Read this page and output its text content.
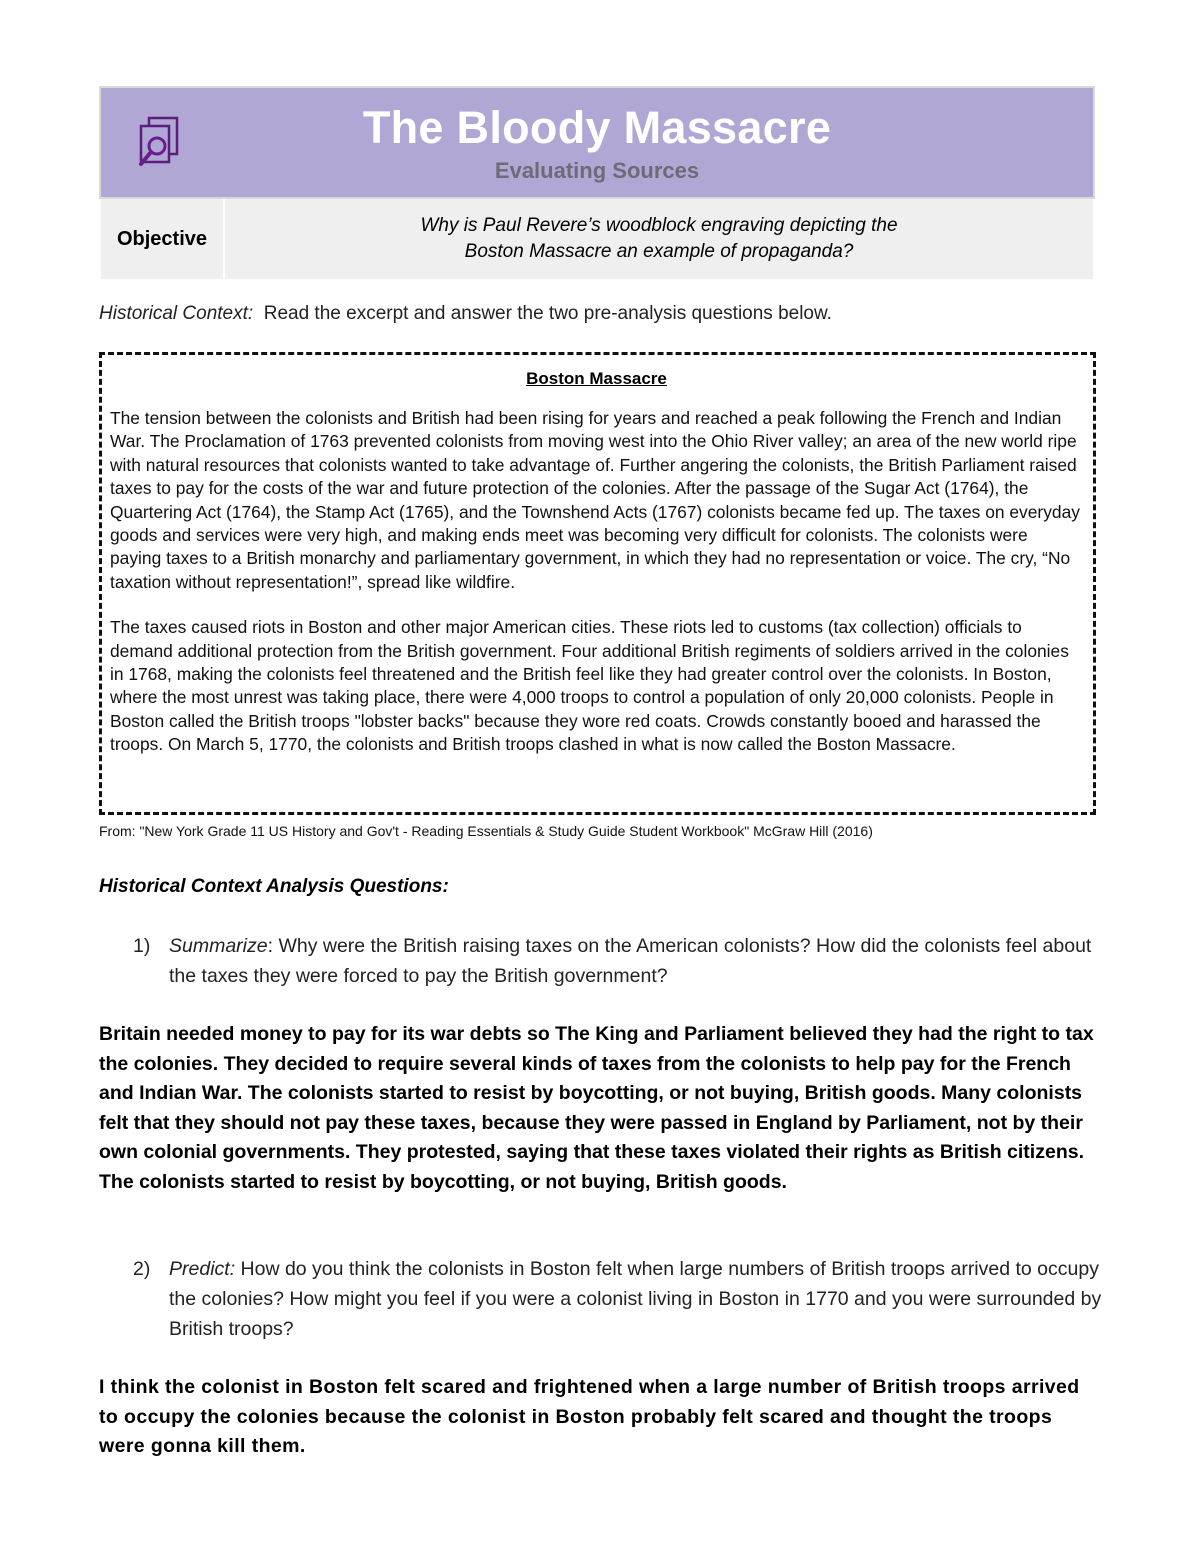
The Bloody Massacre
Evaluating Sources

Objective	Why is Paul Revere’s woodblock engraving depicting the
Boston Massacre an example of propaganda?
Historical Context: Read the excerpt and answer the two pre-analysis questions below.
Boston Massacre

The tension between the colonists and British had been rising for years and reached a peak following the French and Indian War. The Proclamation of 1763 prevented colonists from moving west into the Ohio River valley; an area of the new world ripe with natural resources that colonists wanted to take advantage of. Further angering the colonists, the British Parliament raised taxes to pay for the costs of the war and future protection of the colonies. After the passage of the Sugar Act (1764), the Quartering Act (1764), the Stamp Act (1765), and the Townshend Acts (1767) colonists became fed up. The taxes on everyday goods and services were very high, and making ends meet was becoming very difficult for colonists. The colonists were paying taxes to a British monarchy and parliamentary government, in which they had no representation or voice. The cry, “No taxation without representation!”, spread like wildfire.

The taxes caused riots in Boston and other major American cities. These riots led to customs (tax collection) officials to demand additional protection from the British government. Four additional British regiments of soldiers arrived in the colonies in 1768, making the colonists feel threatened and the British feel like they had greater control over the colonists. In Boston, where the most unrest was taking place, there were 4,000 troops to control a population of only 20,000 colonists. People in Boston called the British troops "lobster backs" because they wore red coats. Crowds constantly booed and harassed the troops. On March 5, 1770, the colonists and British troops clashed in what is now called the Boston Massacre.

From: "New York Grade 11 US History and Gov't - Reading Essentials & Study Guide Student Workbook" McGraw Hill (2016)
Historical Context Analysis Questions:
1) Summarize: Why were the British raising taxes on the American colonists? How did the colonists feel about the taxes they were forced to pay the British government?
Britain needed money to pay for its war debts so The King and Parliament believed they had the right to tax the colonies. They decided to require several kinds of taxes from the colonists to help pay for the French and Indian War. The colonists started to resist by boycotting, or not buying, British goods. Many colonists felt that they should not pay these taxes, because they were passed in England by Parliament, not by their own colonial governments. They protested, saying that these taxes violated their rights as British citizens. The colonists started to resist by boycotting, or not buying, British goods.
2) Predict: How do you think the colonists in Boston felt when large numbers of British troops arrived to occupy the colonies? How might you feel if you were a colonist living in Boston in 1770 and you were surrounded by British troops?
I think the colonist in Boston felt scared and frightened when a large number of British troops arrived to occupy the colonies because the colonist in Boston probably felt scared and thought the troops were gonna kill them.
